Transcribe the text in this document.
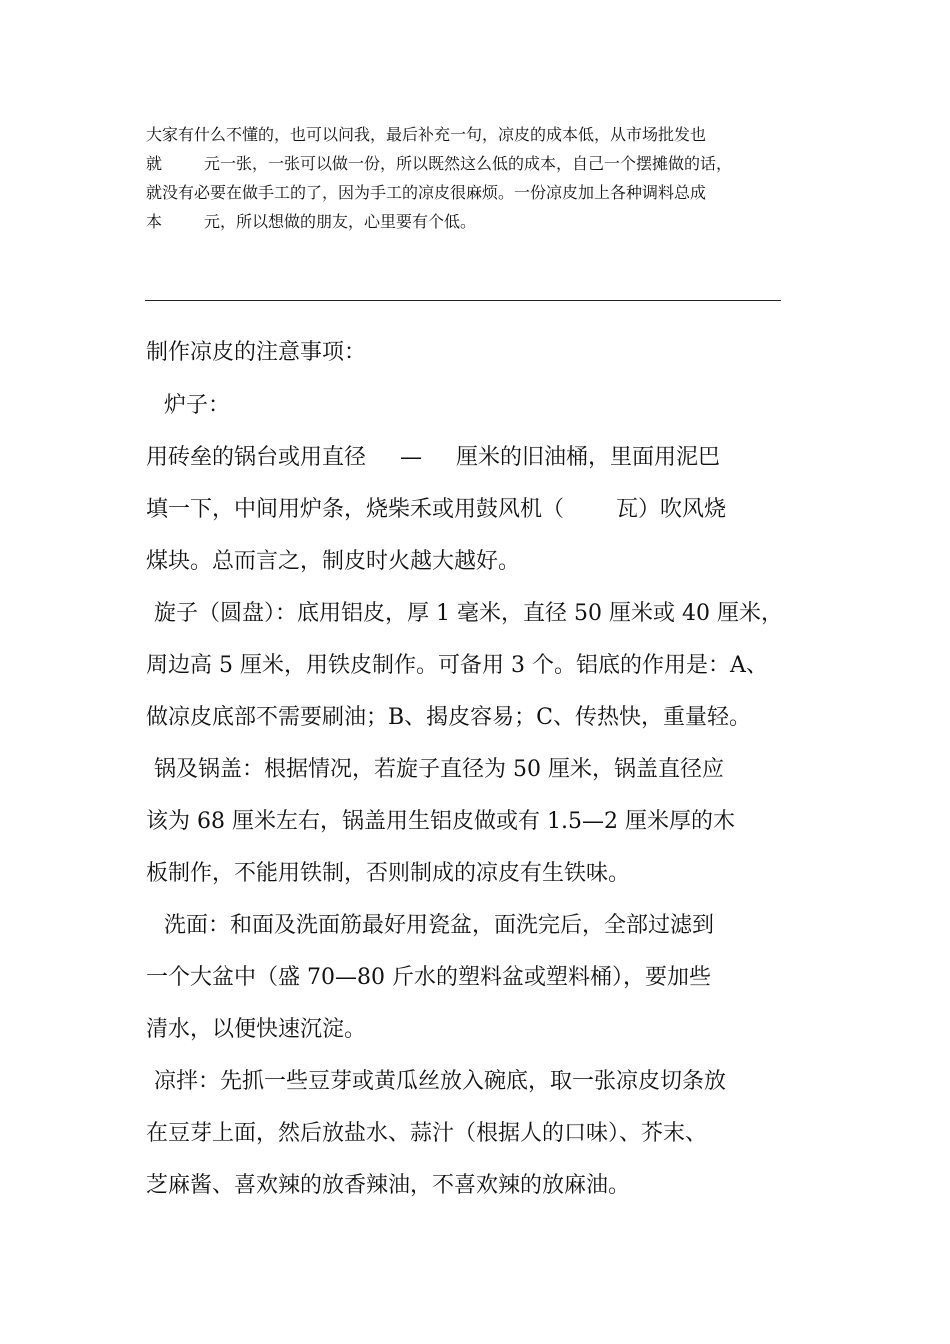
大家有什么不懂的，也可以问我，最后补充一句，凉皮的成本低，从市场批发也
就	元一张，一张可以做一份，所以既然这么低的成本，自己一个摆摊做的话，
就没有必要在做手工的了，因为手工的凉皮很麻烦。一份凉皮加上各种调料总成
本	元，所以想做的朋友，心里要有个低。
制作凉皮的注意事项：
炉子：
用砖垒的锅台或用直径 — 厘米的旧油桶，里面用泥巴
填一下，中间用炉条，烧柴禾或用鼓风机（ 瓦）吹风烧
煤块。总而言之，制皮时火越大越好。
旋子（圆盘）：底用铝皮，厚 1 毫米，直径 50 厘米或 40 厘米，
周边高 5 厘米，用铁皮制作。可备用 3 个。铝底的作用是：A、
做凉皮底部不需要刷油；B、揭皮容易；C、传热快，重量轻。
锅及锅盖：根据情况，若旋子直径为 50 厘米，锅盖直径应
该为 68 厘米左右，锅盖用生铝皮做或有 1.5—2 厘米厚的木
板制作，不能用铁制，否则制成的凉皮有生铁味。
洗面：和面及洗面筋最好用瓷盆，面洗完后，全部过滤到
一个大盆中（盛 70—80 斤水的塑料盆或塑料桶），要加些
清水，以便快速沉淀。
凉拌：先抓一些豆芽或黄瓜丝放入碗底，取一张凉皮切条放
在豆芽上面，然后放盐水、蒜汁（根据人的口味）、芥末、
芝麻酱、喜欢辣的放香辣油，不喜欢辣的放麻油。
